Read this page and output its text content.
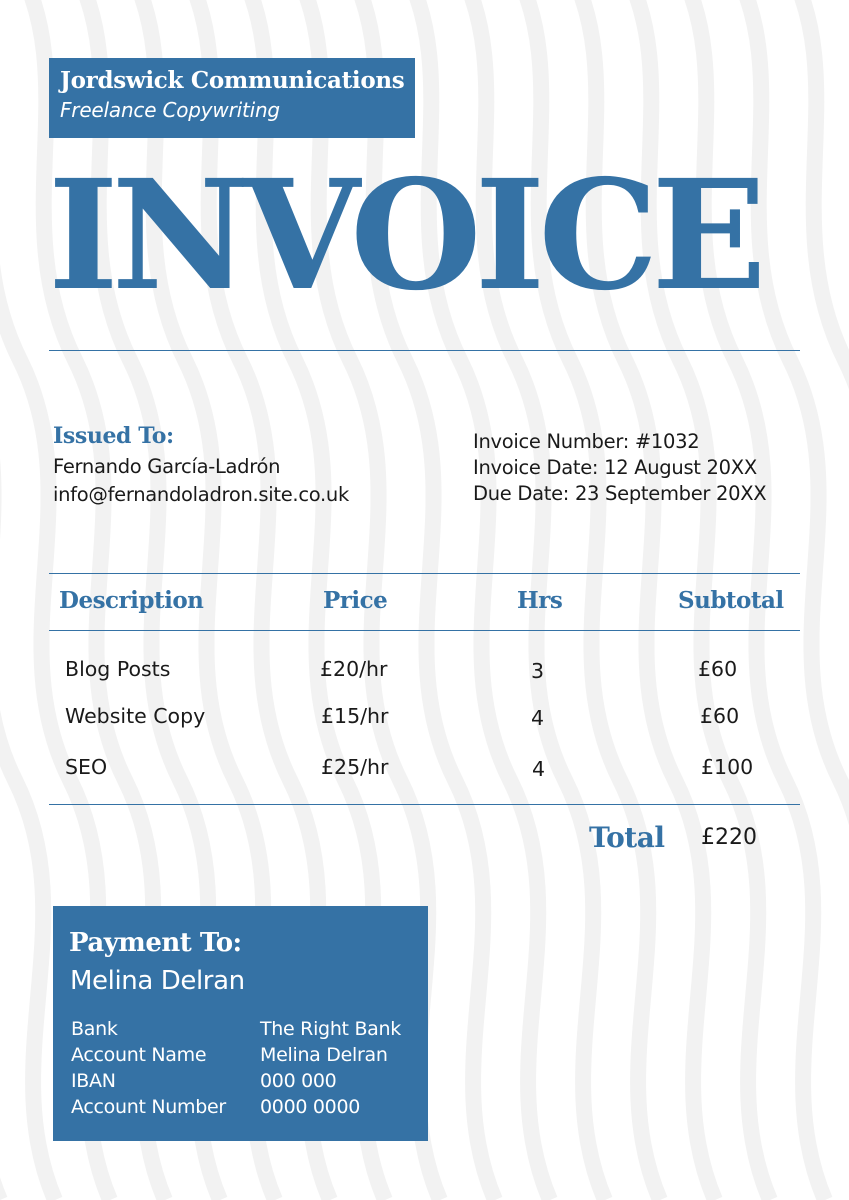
Jordswick Communications
Freelance Copywriting
INVOICE
Issued To:
Fernando García-Ladrón
info@fernandoladron.site.co.uk
Invoice Number: #1032
Invoice Date: 12 August 20XX
Due Date: 23 September 20XX
Description	Price	Hrs	Subtotal
Blog Posts	£20/hr	3	£60
Website Copy	£15/hr	4	£60
SEO	£25/hr	4	£100
Total £220
Payment To:
Melina Delran
Bank	The Right Bank
Account Name	Melina Delran
IBAN	000 000
Account Number 0000 0000
